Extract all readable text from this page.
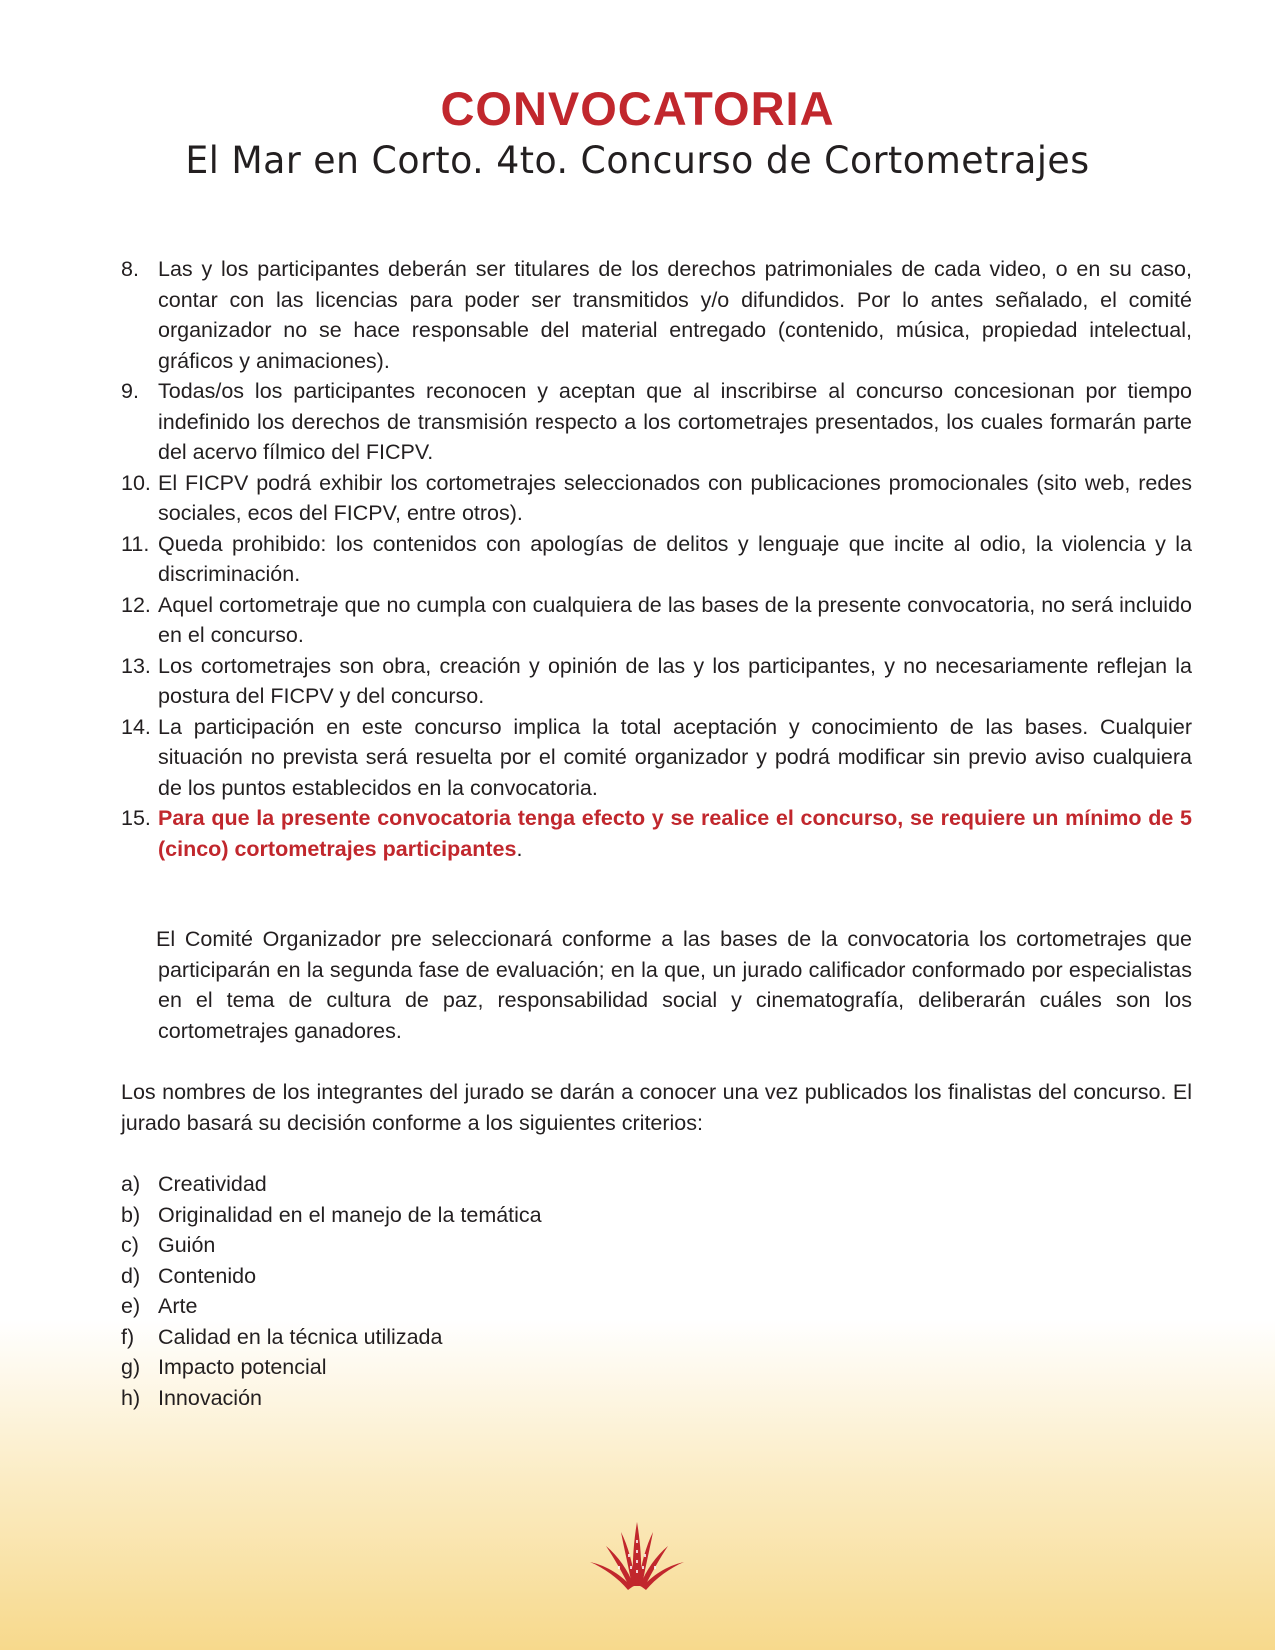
CONVOCATORIA
El Mar en Corto. 4to. Concurso de Cortometrajes
8. Las y los participantes deberán ser titulares de los derechos patrimoniales de cada video, o en su caso, contar con las licencias para poder ser transmitidos y/o difundidos. Por lo antes señalado, el comité organizador no se hace responsable del material entregado (contenido, música, propiedad intelectual, gráficos y animaciones).
9. Todas/os los participantes reconocen y aceptan que al inscribirse al concurso concesionan por tiempo indefinido los derechos de transmisión respecto a los cortometrajes presentados, los cuales formarán parte del acervo fílmico del FICPV.
10. El FICPV podrá exhibir los cortometrajes seleccionados con publicaciones promocionales (sito web, redes sociales, ecos del FICPV, entre otros).
11. Queda prohibido: los contenidos con apologías de delitos y lenguaje que incite al odio, la violencia y la discriminación.
12. Aquel cortometraje que no cumpla con cualquiera de las bases de la presente convocatoria, no será incluido en el concurso.
13. Los cortometrajes son obra, creación y opinión de las y los participantes, y no necesariamente reflejan la postura del FICPV y del concurso.
14. La participación en este concurso implica la total aceptación y conocimiento de las bases. Cualquier situación no prevista será resuelta por el comité organizador y podrá modificar sin previo aviso cualquiera de los puntos establecidos en la convocatoria.
15. Para que la presente convocatoria tenga efecto y se realice el concurso, se requiere un mínimo de 5 (cinco) cortometrajes participantes.

El Comité Organizador pre seleccionará conforme a las bases de la convocatoria los cortometrajes que participarán en la segunda fase de evaluación; en la que, un jurado calificador conformado por especialistas en el tema de cultura de paz, responsabilidad social y cinematografía, deliberarán cuáles son los cortometrajes ganadores.

Los nombres de los integrantes del jurado se darán a conocer una vez publicados los finalistas del concurso. El jurado basará su decisión conforme a los siguientes criterios:

a) Creatividad
b) Originalidad en el manejo de la temática
c) Guión
d) Contenido
e) Arte
f)	Calidad en la técnica utilizada
g) Impacto potencial
h) Innovación
